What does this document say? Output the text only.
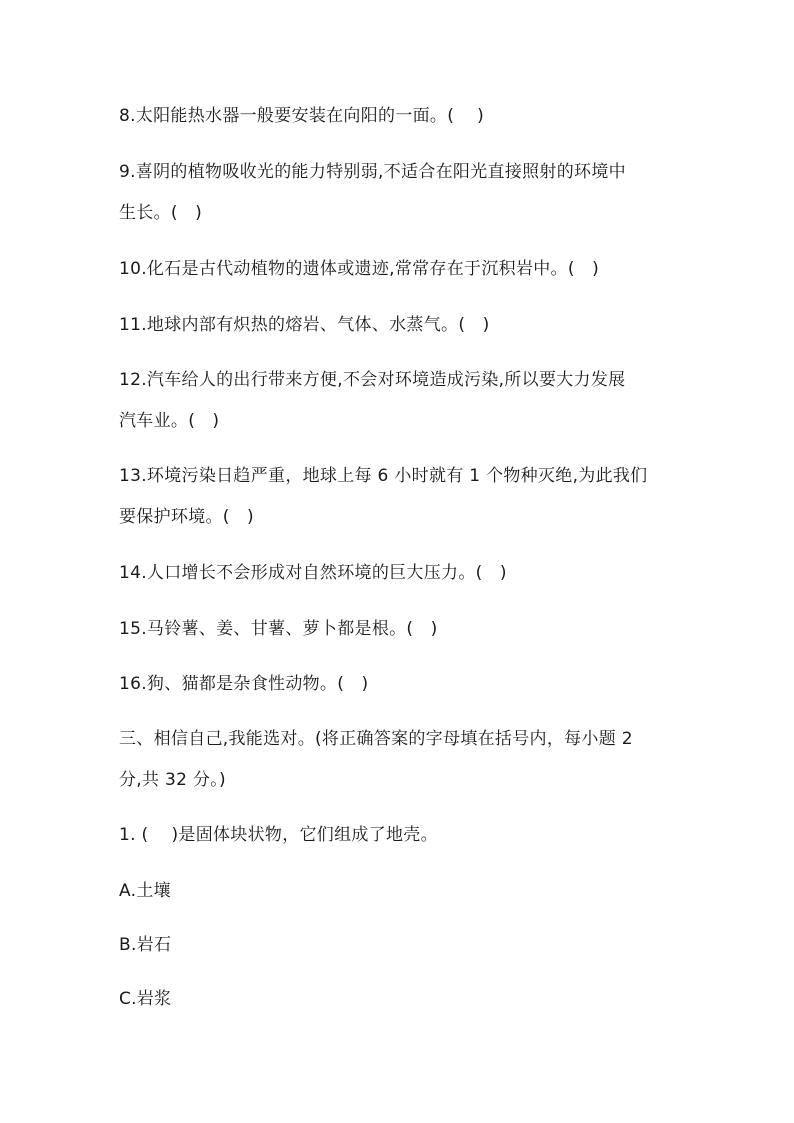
8.太阳能热水器一般要安装在向阳的一面。(　 )
9.喜阴的植物吸收光的能力特别弱,不适合在阳光直接照射的环境中
生长。(　)
10.化石是古代动植物的遗体或遗迹,常常存在于沉积岩中。(　)
11.地球内部有炽热的熔岩、气体、水蒸气。(　)
12.汽车给人的出行带来方便,不会对环境造成污染,所以要大力发展
汽车业。(　)
13.环境污染日趋严重，地球上每 6 小时就有 1 个物种灭绝,为此我们
要保护环境。(　)
14.人口增长不会形成对自然环境的巨大压力。(　)
15.马铃薯、姜、甘薯、萝卜都是根。(　)
16.狗、猫都是杂食性动物。(　)
三、相信自己,我能选对。(将正确答案的字母填在括号内，每小题 2
分,共 32 分。)
1. (　 )是固体块状物，它们组成了地壳。
A.土壤
B.岩石
C.岩浆
